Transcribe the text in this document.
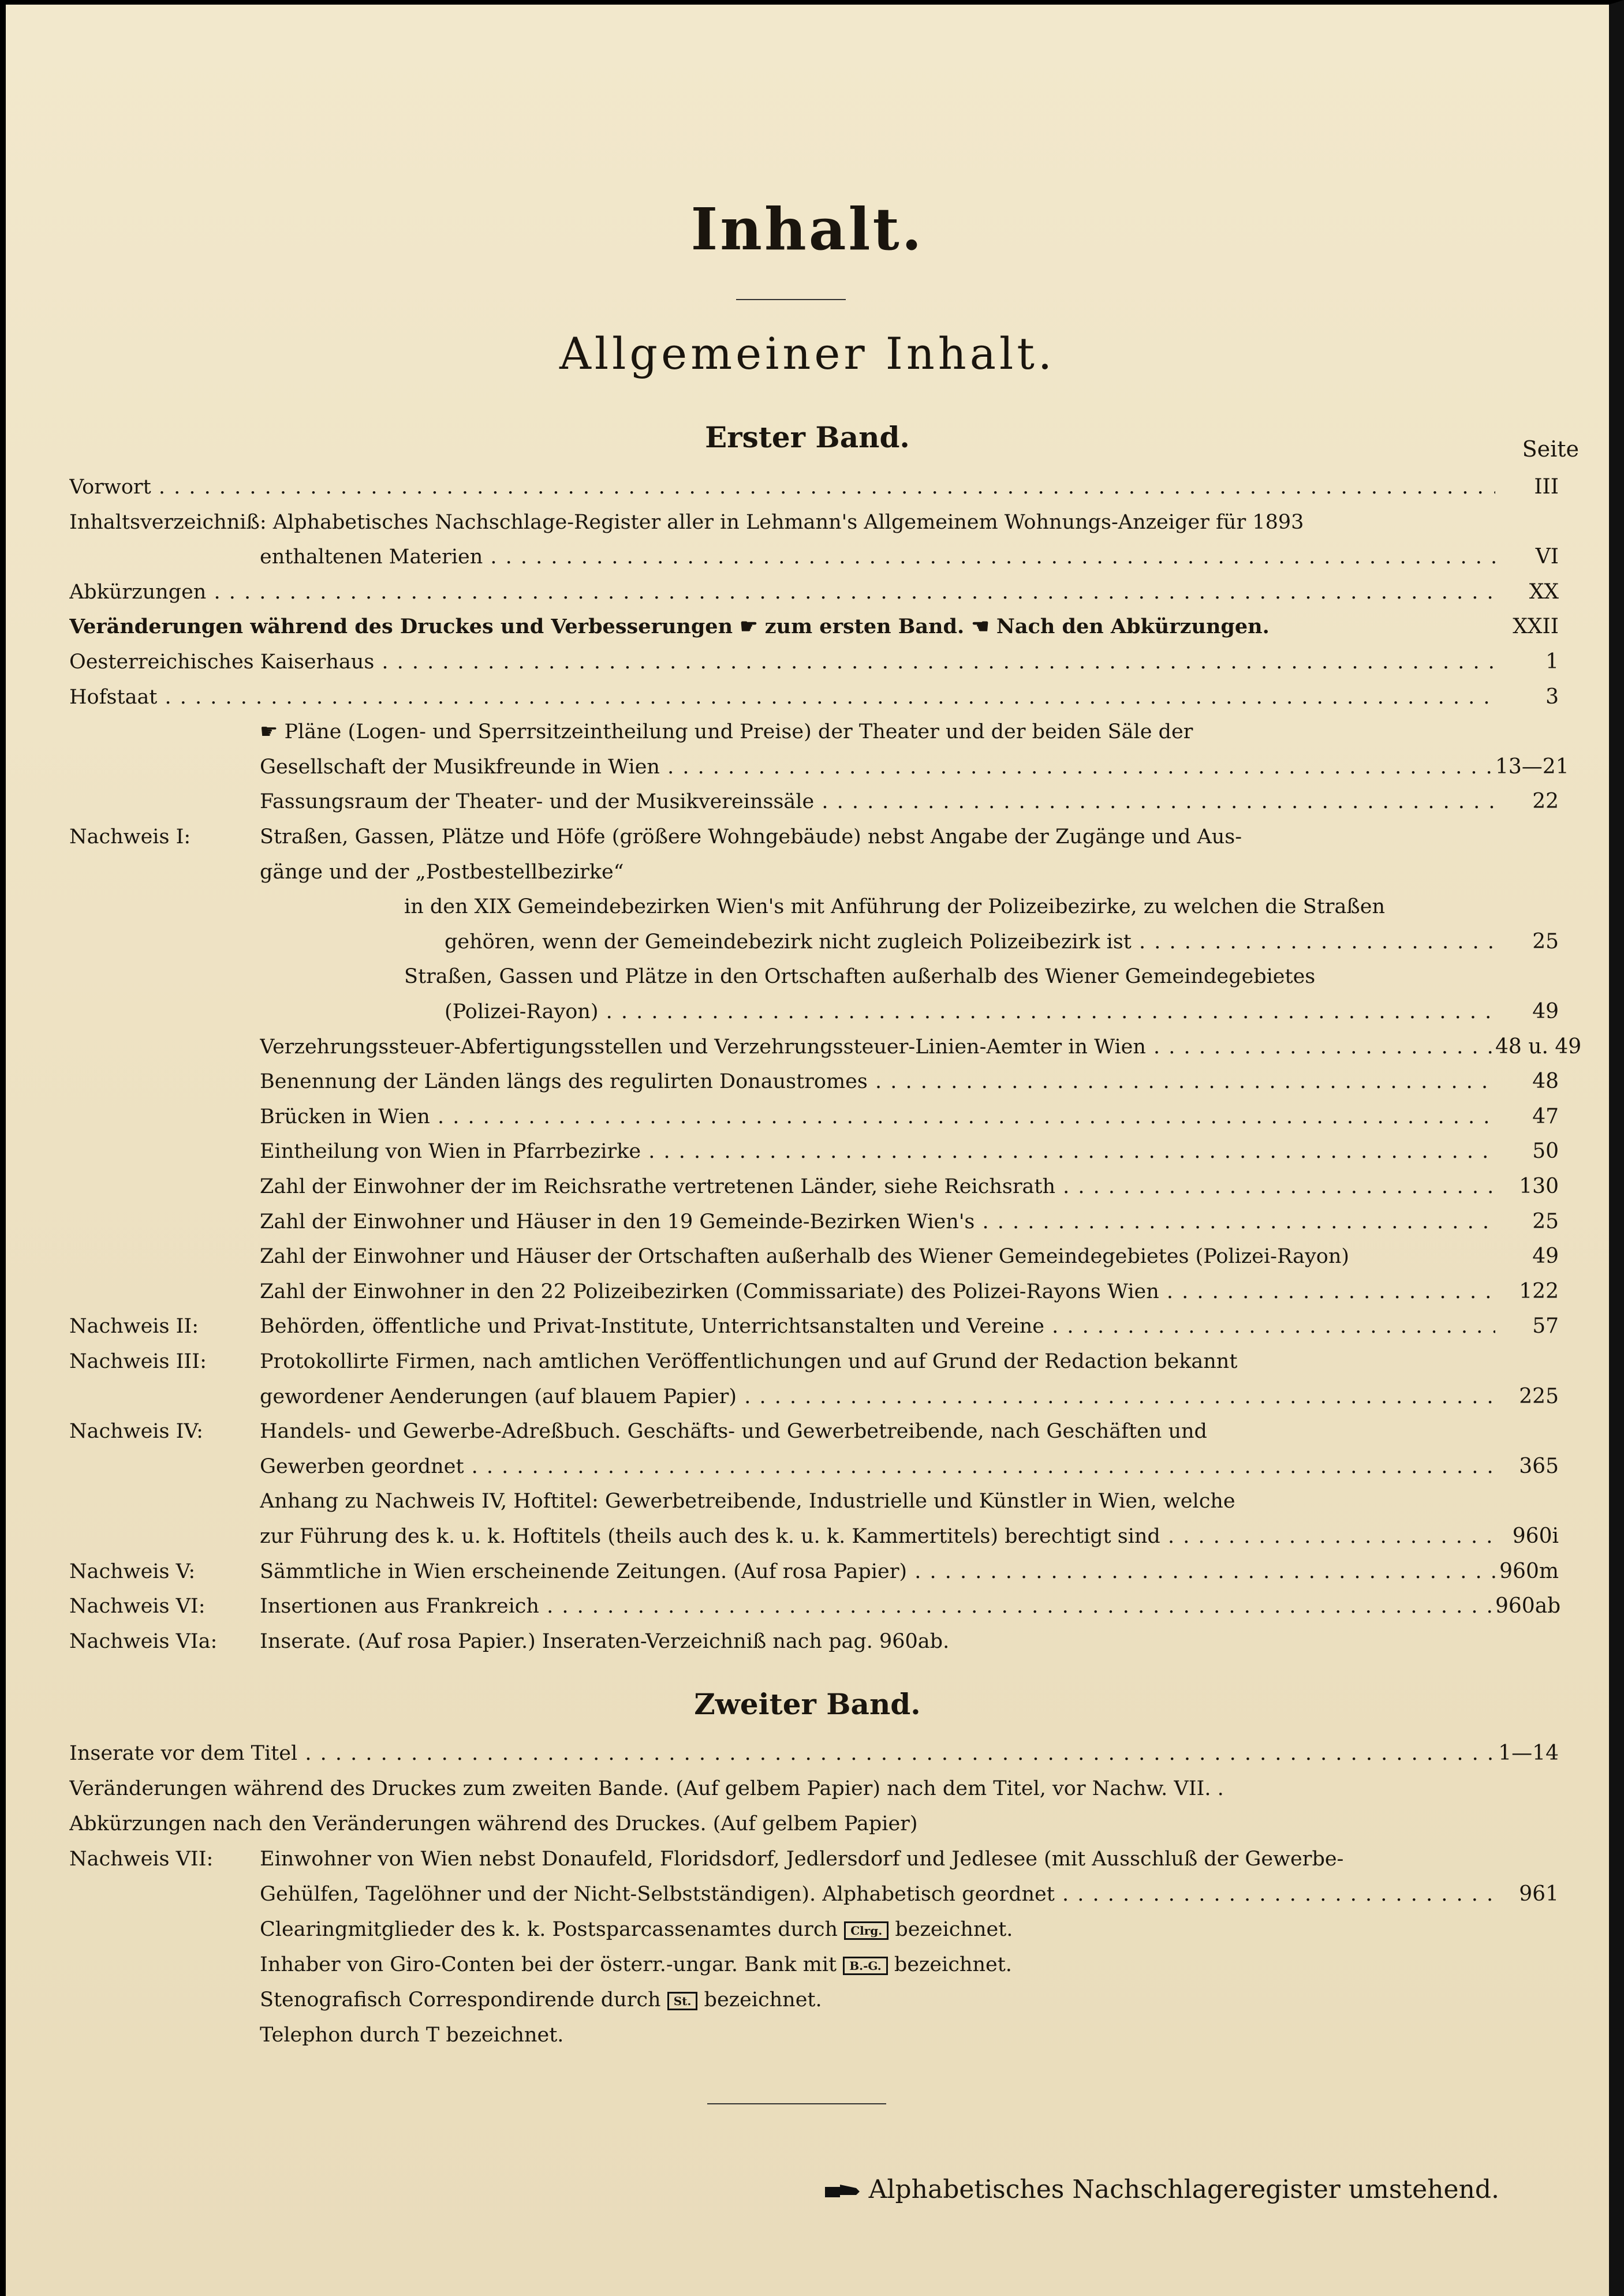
Inhalt.
Allgemeiner Inhalt.
Erster Band.	Seite
Vorwort . . .	III
Inhaltsverzeichniß: Alphabetisches Nachschlage-Register aller in Lehmann's Allgemeinem Wohnungs-Anzeiger für 1893
enthaltenen Materien . . .	VI
Abkürzungen . . .	XX
Veränderungen während des Druckes und Verbesserungen ☛ zum ersten Band. ☚ Nach den Abkürzungen.	XXII
Oesterreichisches Kaiserhaus . . .	1
Hofstaat . . .	3
☛ Pläne (Logen- und Sperrsitzeintheilung und Preise) der Theater und der beiden Säle der
Gesellschaft der Musikfreunde in Wien . . .	13—21
Fassungsraum der Theater- und der Musikvereinssäle . . .	22
Nachweis I:	Straßen, Gassen, Plätze und Höfe (größere Wohngebäude) nebst Angabe der Zugänge und Aus-
gänge und der „Postbestellbezirke“
in den XIX Gemeindebezirken Wien's mit Anführung der Polizeibezirke, zu welchen die Straßen
gehören, wenn der Gemeindebezirk nicht zugleich Polizeibezirk ist . . .	25
Straßen, Gassen und Plätze in den Ortschaften außerhalb des Wiener Gemeindegebietes
(Polizei-Rayon) . . .	49
Verzehrungssteuer-Abfertigungsstellen und Verzehrungssteuer-Linien-Aemter in Wien . . .	48 u. 49
Benennung der Länden längs des regulirten Donaustromes . . .	48
Brücken in Wien . . .	47
Eintheilung von Wien in Pfarrbezirke . . .	50
Zahl der Einwohner der im Reichsrathe vertretenen Länder, siehe Reichsrath . . .	130
Zahl der Einwohner und Häuser in den 19 Gemeinde-Bezirken Wien's . . .	25
Zahl der Einwohner und Häuser der Ortschaften außerhalb des Wiener Gemeindegebietes (Polizei-Rayon)	49
Zahl der Einwohner in den 22 Polizeibezirken (Commissariate) des Polizei-Rayons Wien . . .	122
Nachweis II:	Behörden, öffentliche und Privat-Institute, Unterrichtsanstalten und Vereine . . .	57
Nachweis III:	Protokollirte Firmen, nach amtlichen Veröffentlichungen und auf Grund der Redaction bekannt
gewordener Aenderungen (auf blauem Papier) . . .	225
Nachweis IV:	Handels- und Gewerbe-Adreßbuch. Geschäfts- und Gewerbetreibende, nach Geschäften und
Gewerben geordnet . . .	365
Anhang zu Nachweis IV, Hoftitel: Gewerbetreibende, Industrielle und Künstler in Wien, welche
zur Führung des k. u. k. Hoftitels (theils auch des k. u. k. Kammertitels) berechtigt sind . . .	960i
Nachweis V:	Sämmtliche in Wien erscheinende Zeitungen. (Auf rosa Papier) . . .	960m
Nachweis VI:	Insertionen aus Frankreich . . .	960ab
Nachweis VIa: Inserate. (Auf rosa Papier.) Inseraten-Verzeichniß nach pag. 960ab.
Inserate vor dem Titel . . .	1—14
Veränderungen während des Druckes zum zweiten Bande. (Auf gelbem Papier) nach dem Titel, vor Nachw. VII. .
Abkürzungen nach den Veränderungen während des Druckes. (Auf gelbem Papier)
Nachweis VII: Einwohner von Wien nebst Donaufeld, Floridsdorf, Jedlersdorf und Jedlesee (mit Ausschluß der Gewerbe-
Gehülfen, Tagelöhner und der Nicht-Selbstständigen). Alphabetisch geordnet . . .	961
Clearingmitglieder des k. k. Postsparcassenamtes durch Clrg. bezeichnet.
Inhaber von Giro-Conten bei der österr.-ungar. Bank mit B.-G. bezeichnet.
Stenografisch Correspondirende durch St. bezeichnet.
Telephon durch T bezeichnet.
Alphabetisches Nachschlageregister umstehend.
Zweiter Band.
